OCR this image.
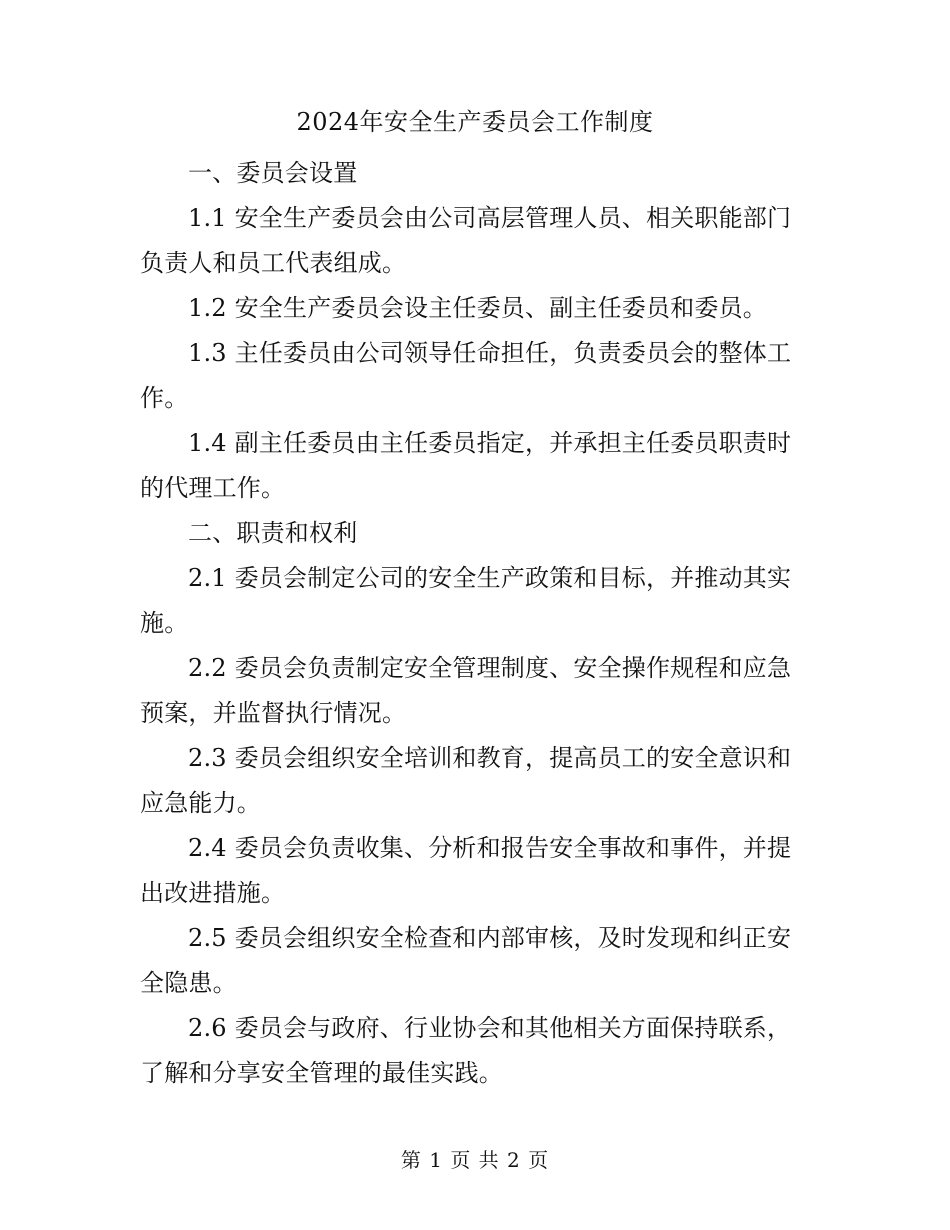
2024年安全生产委员会工作制度

一、委员会设置

1.1 安全生产委员会由公司高层管理人员、相关职能部门负责人和员工代表组成。

1.2 安全生产委员会设主任委员、副主任委员和委员。

1.3 主任委员由公司领导任命担任，负责委员会的整体工作。

1.4 副主任委员由主任委员指定，并承担主任委员职责时的代理工作。

二、职责和权利

2.1 委员会制定公司的安全生产政策和目标，并推动其实施。

2.2 委员会负责制定安全管理制度、安全操作规程和应急预案，并监督执行情况。

2.3 委员会组织安全培训和教育，提高员工的安全意识和应急能力。

2.4 委员会负责收集、分析和报告安全事故和事件，并提出改进措施。

2.5 委员会组织安全检查和内部审核，及时发现和纠正安全隐患。

2.6 委员会与政府、行业协会和其他相关方面保持联系，了解和分享安全管理的最佳实践。

第 1 页 共 2 页
